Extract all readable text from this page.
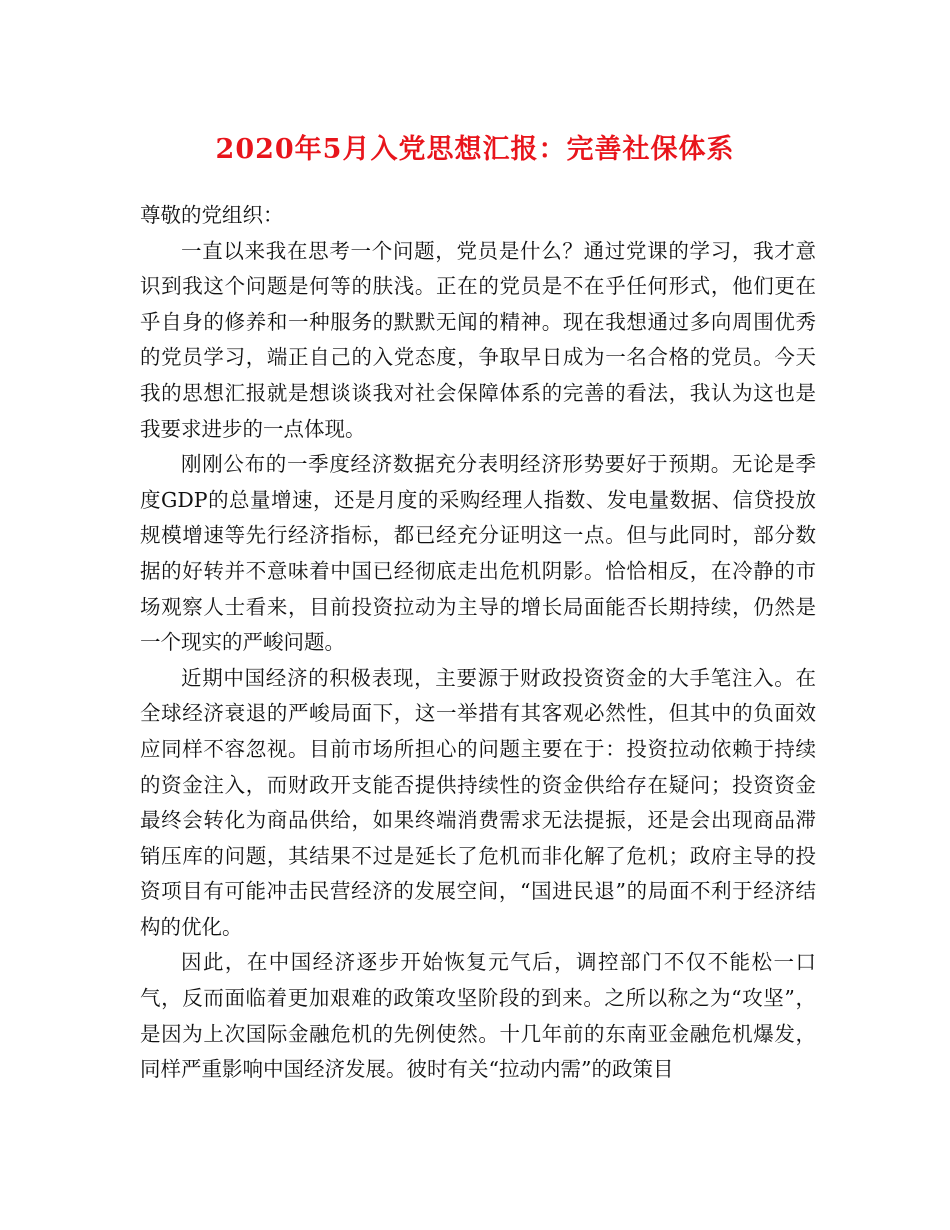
2020年5月入党思想汇报：完善社保体系

尊敬的党组织：

一直以来我在思考一个问题，党员是什么？通过党课的学习，我才意识到我这个问题是何等的肤浅。正在的党员是不在乎任何形式，他们更在乎自身的修养和一种服务的默默无闻的精神。现在我想通过多向周围优秀的党员学习，端正自己的入党态度，争取早日成为一名合格的党员。今天我的思想汇报就是想谈谈我对社会保障体系的完善的看法，我认为这也是我要求进步的一点体现。

刚刚公布的一季度经济数据充分表明经济形势要好于预期。无论是季度GDP的总量增速，还是月度的采购经理人指数、发电量数据、信贷投放规模增速等先行经济指标，都已经充分证明这一点。但与此同时，部分数据的好转并不意味着中国已经彻底走出危机阴影。恰恰相反，在冷静的市场观察人士看来，目前投资拉动为主导的增长局面能否长期持续，仍然是一个现实的严峻问题。

近期中国经济的积极表现，主要源于财政投资资金的大手笔注入。在全球经济衰退的严峻局面下，这一举措有其客观必然性，但其中的负面效应同样不容忽视。目前市场所担心的问题主要在于：投资拉动依赖于持续的资金注入，而财政开支能否提供持续性的资金供给存在疑问；投资资金最终会转化为商品供给，如果终端消费需求无法提振，还是会出现商品滞销压库的问题，其结果不过是延长了危机而非化解了危机；政府主导的投资项目有可能冲击民营经济的发展空间，“国进民退”的局面不利于经济结构的优化。

因此，在中国经济逐步开始恢复元气后，调控部门不仅不能松一口气，反而面临着更加艰难的政策攻坚阶段的到来。之所以称之为“攻坚”，是因为上次国际金融危机的先例使然。十几年前的东南亚金融危机爆发，同样严重影响中国经济发展。彼时有关“拉动内需”的政策目
